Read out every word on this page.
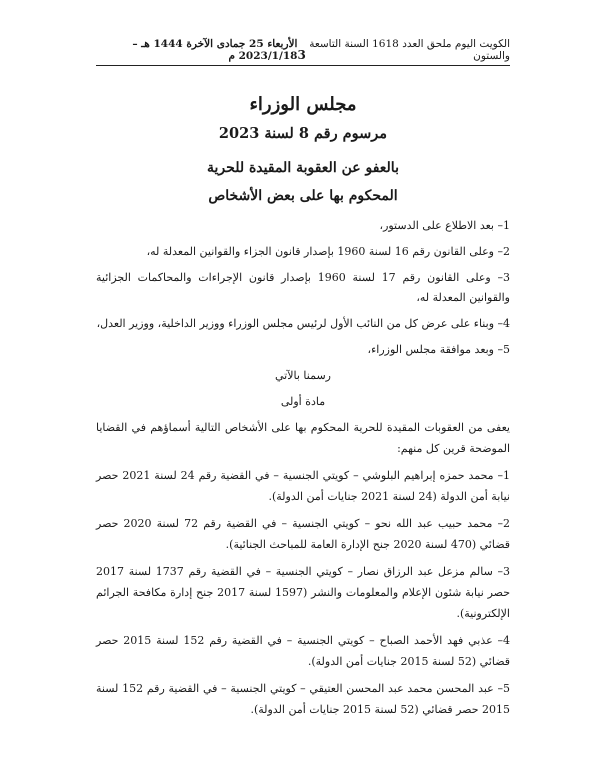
الكويت اليوم ملحق العدد 1618 السنة التاسعة والستون
3
الأربعاء 25 جمادى الآخرة 1444 هـ – 2023/1/18 م
مجلس الوزراء
مرسوم رقم 8 لسنة 2023
بالعفو عن العقوبة المقيدة للحرية
المحكوم بها على بعض الأشخاص
1– بعد الاطلاع على الدستور،
2– وعلى القانون رقم 16 لسنة 1960 بإصدار قانون الجزاء والقوانين المعدلة له،
3– وعلى القانون رقم 17 لسنة 1960 بإصدار قانون الإجراءات والمحاكمات الجزائية والقوانين المعدلة له،
4– وبناء على عرض كل من النائب الأول لرئيس مجلس الوزراء ووزير الداخلية، ووزير العدل،
5– وبعد موافقة مجلس الوزراء،
رسمنا بالآتي
مادة أولى
يعفى من العقوبات المقيدة للحرية المحكوم بها على الأشخاص التالية أسماؤهم في القضايا الموضحة قرين كل منهم:
1– محمد حمزه إبراهيم البلوشي – كويتي الجنسية – في القضية رقم 24 لسنة 2021 حصر نيابة أمن الدولة (24 لسنة 2021 جنايات أمن الدولة).
2– محمد حبيب عبد الله نحو – كويتي الجنسية – في القضية رقم 72 لسنة 2020 حصر قضائي (470 لسنة 2020 جنح الإدارة العامة للمباحث الجنائية).
3– سالم مزعل عبد الرزاق نصار – كويتي الجنسية – في القضية رقم 1737 لسنة 2017 حصر نيابة شئون الإعلام والمعلومات والنشر (1597 لسنة 2017 جنح إدارة مكافحة الجرائم الإلكترونية).
4– عذبي فهد الأحمد الصباح – كويتي الجنسية – في القضية رقم 152 لسنة 2015 حصر قضائي (52 لسنة 2015 جنايات أمن الدولة).
5– عبد المحسن محمد عبد المحسن العتيقي – كويتي الجنسية – في القضية رقم 152 لسنة 2015 حصر قضائي (52 لسنة 2015 جنايات أمن الدولة).
